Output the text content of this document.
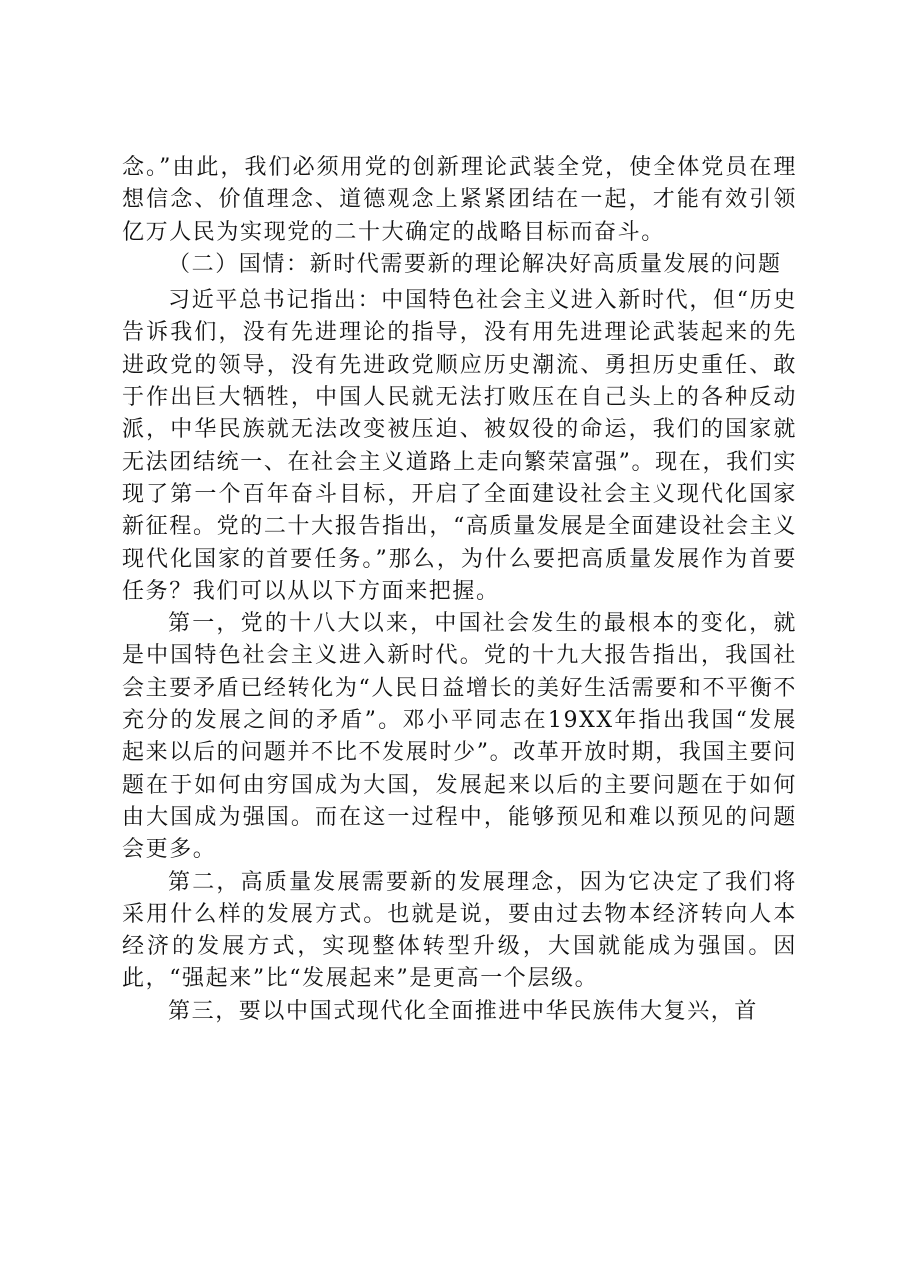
念。”由此，我们必须用党的创新理论武装全党，使全体党员在理想信念、价值理念、道德观念上紧紧团结在一起，才能有效引领亿万人民为实现党的二十大确定的战略目标而奋斗。

（二）国情：新时代需要新的理论解决好高质量发展的问题

习近平总书记指出：中国特色社会主义进入新时代，但“历史告诉我们，没有先进理论的指导，没有用先进理论武装起来的先进政党的领导，没有先进政党顺应历史潮流、勇担历史重任、敢于作出巨大牺牲，中国人民就无法打败压在自己头上的各种反动派，中华民族就无法改变被压迫、被奴役的命运，我们的国家就无法团结统一、在社会主义道路上走向繁荣富强”。现在，我们实现了第一个百年奋斗目标，开启了全面建设社会主义现代化国家新征程。党的二十大报告指出，“高质量发展是全面建设社会主义现代化国家的首要任务。”那么，为什么要把高质量发展作为首要任务？我们可以从以下方面来把握。

第一，党的十八大以来，中国社会发生的最根本的变化，就是中国特色社会主义进入新时代。党的十九大报告指出，我国社会主要矛盾已经转化为“人民日益增长的美好生活需要和不平衡不充分的发展之间的矛盾”。邓小平同志在19XX年指出我国“发展起来以后的问题并不比不发展时少”。改革开放时期，我国主要问题在于如何由穷国成为大国，发展起来以后的主要问题在于如何由大国成为强国。而在这一过程中，能够预见和难以预见的问题会更多。

第二，高质量发展需要新的发展理念，因为它决定了我们将采用什么样的发展方式。也就是说，要由过去物本经济转向人本经济的发展方式，实现整体转型升级，大国就能成为强国。因此，“强起来”比“发展起来”是更高一个层级。

第三，要以中国式现代化全面推进中华民族伟大复兴，首
